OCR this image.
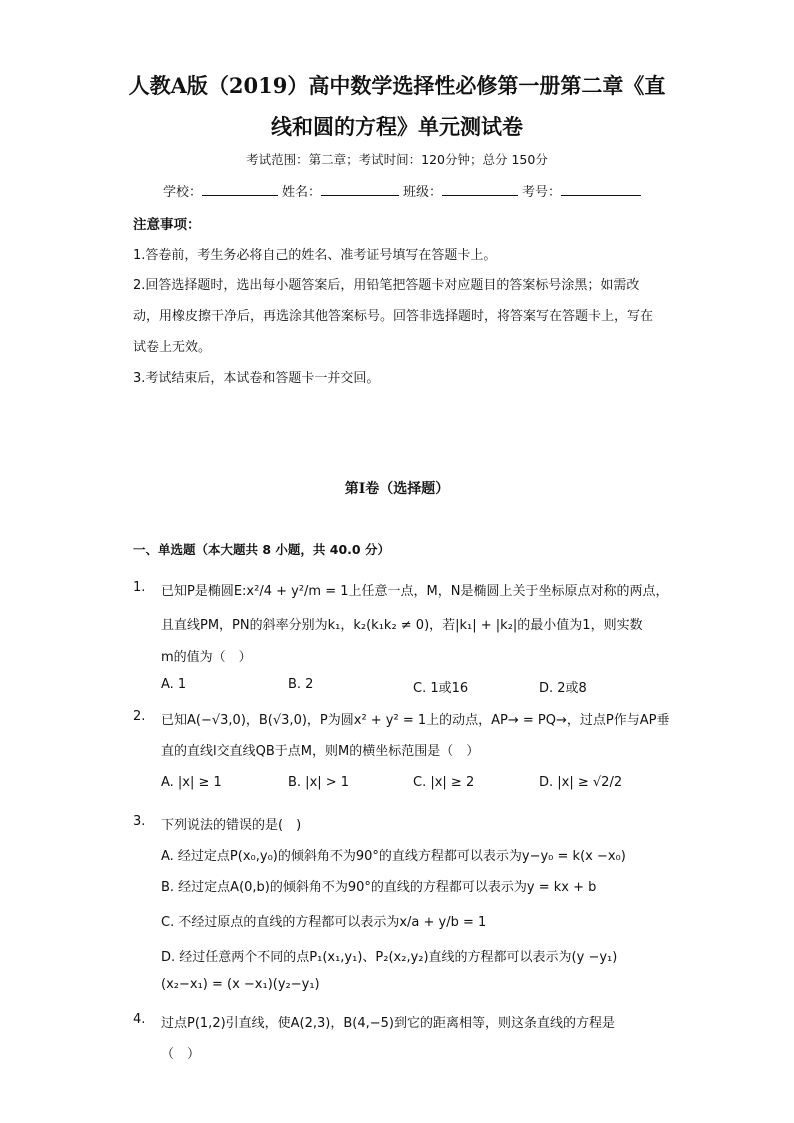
人教A版（2019）高中数学选择性必修第一册第二章《直
线和圆的方程》单元测试卷
考试范围：第二章；考试时间：120分钟；总分 150分
学校：	姓名：	班级：	考号：
注意事项：
1.答卷前，考生务必将自己的姓名、准考证号填写在答题卡上。
2.回答选择题时，选出每小题答案后，用铅笔把答题卡对应题目的答案标号涂黑；如需改动，用橡皮擦干净后，再选涂其他答案标号。回答非选择题时，将答案写在答题卡上，写在试卷上无效。
3.考试结束后，本试卷和答题卡一并交回。
第I卷（选择题）
一、单选题（本大题共 8 小题，共 40.0 分）
1. 已知P是椭圆E:x²/4 + y²/m = 1上任意一点，M，N是椭圆上关于坐标原点对称的两点，
且直线PM，PN的斜率分别为k₁，k₂(k₁k₂ ≠ 0)，若|k₁| + |k₂|的最小值为1，则实数
m的值为（　）
A. 1	B. 2	C. 1或16	D. 2或8
2. 已知A(−√3,0)，B(√3,0)，P为圆x² + y² = 1上的动点，AP→ = PQ→，过点P作与AP垂
直的直线l交直线QB于点M，则M的横坐标范围是（　）
A. |x| ≥ 1	B. |x| > 1	C. |x| ≥ 2	D. |x| ≥ √2/2
3. 下列说法的错误的是(　)
A. 经过定点P(x₀,y₀)的倾斜角不为90°的直线方程都可以表示为y−y₀ = k(x −x₀)
B. 经过定点A(0,b)的倾斜角不为90°的直线的方程都可以表示为y = kx + b
C. 不经过原点的直线的方程都可以表示为x/a + y/b = 1
D. 经过任意两个不同的点P₁(x₁,y₁)、P₂(x₂,y₂)直线的方程都可以表示为(y −y₁)
(x₂−x₁) = (x −x₁)(y₂−y₁)
4. 过点P(1,2)引直线，使A(2,3)，B(4,−5)到它的距离相等，则这条直线的方程是
（　）
